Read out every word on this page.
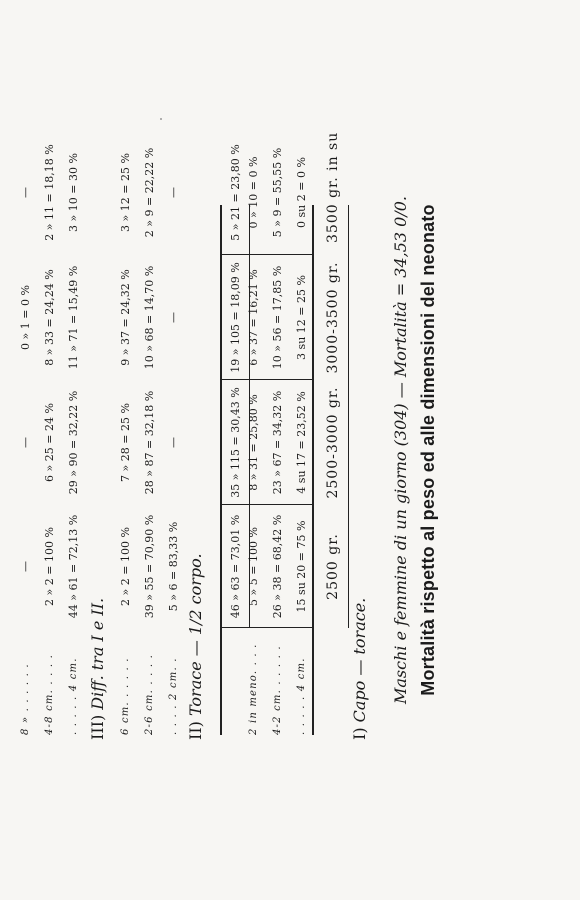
Mortalità rispetto al peso ed alle dimensioni del neonato
Maschi e femmine di un giorno (304) — Mortalità = 34,53 0/0.
I) Capo — torace.
2500 gr.
2500-3000 gr.
3000-3500 gr.
3500 gr. in su
II) Torace — 1/2 corpo.
. . . . 2 cm. .
5 » 6 = 83,33 %
—
—
—
2-6 cm. . . . .
39 » 55 = 70,90 %
28 » 87 = 32,18 %
10 » 68 = 14,70 %
2 » 9 = 22,22 %
6 cm. . . . . .
2 » 2 = 100 %
7 » 28 = 25 %
9 » 37 = 24,32 %
3 » 12 = 25 %
III) Diff. tra I e II.
. . . . . 4 cm.
44 » 61 = 72,13 %
29 » 90 = 32,22 %
11 » 71 = 15,49 %
3 » 10 = 30 %
4-8 cm. . . . .
2 » 2 = 100 %
6 » 25 = 24 %
8 » 33 = 24,24 %
2 » 11 = 18,18 %
8 » . . . . . .
—
—
0 » 1 = 0 %
—
. . . . . 4 cm.
15 su 20 = 75 %
4 su 17 = 23,52 %
3 su 12 = 25 %
0 su 2 = 0 %
4-2 cm. . . . . .
26 » 38 = 68,42 %
23 » 67 = 34,32 %
10 » 56 = 17,85 %
5 » 9 = 55,55 %
2 in meno. . . .
5 » 5 = 100 %
8 » 31 = 25,80 %
6 » 37 = 16,21 %
0 » 10 = 0 %
46 » 63 = 73,01 %
35 » 115 = 30,43 %
19 » 105 = 18,09 %
5 » 21 = 23,80 %
